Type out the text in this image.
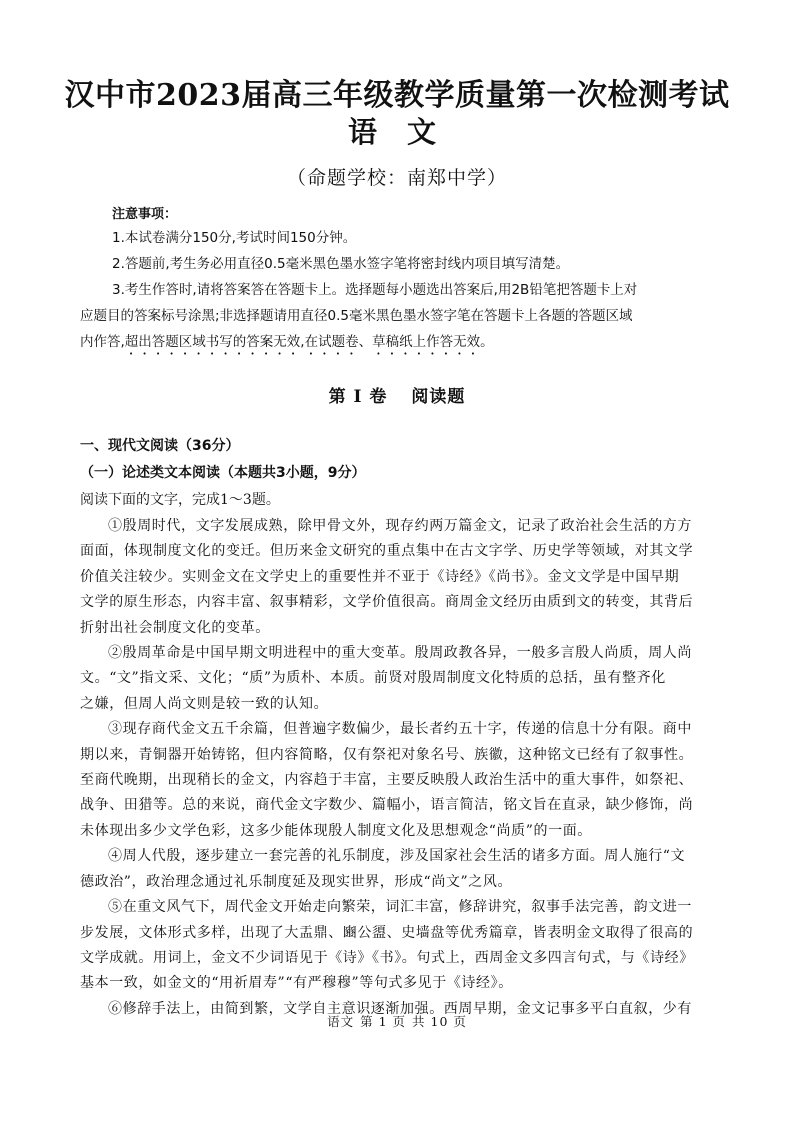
汉中市2023届高三年级教学质量第一次检测考试
语 文
（命题学校：南郑中学）
注意事项：
1.本试卷满分150分,考试时间150分钟。
2.答题前,考生务必用直径0.5毫米黑色墨水签字笔将密封线内项目填写清楚。
3.考生作答时,请将答案答在答题卡上。选择题每小题选出答案后,用2B铅笔把答题卡上对
应题目的答案标号涂黑;非选择题请用直径0.5毫米黑色墨水签字笔在答题卡上各题的答题区域
内作答,超出答题区域书写的答案无效,在试题卷、草稿纸上作答无效。
第 I 卷 阅读题
一、现代文阅读（36分）
（一）论述类文本阅读（本题共3小题，9分）
阅读下面的文字，完成1～3题。
①殷周时代，文字发展成熟，除甲骨文外，现存约两万篇金文，记录了政治社会生活的方方
面面，体现制度文化的变迁。但历来金文研究的重点集中在古文字学、历史学等领域，对其文学
价值关注较少。实则金文在文学史上的重要性并不亚于《诗经》《尚书》。金文文学是中国早期
文学的原生形态，内容丰富、叙事精彩，文学价值很高。商周金文经历由质到文的转变，其背后
折射出社会制度文化的变革。
②殷周革命是中国早期文明进程中的重大变革。殷周政教各异，一般多言殷人尚质，周人尚
文。“文”指文采、文化；“质”为质朴、本质。前贤对殷周制度文化特质的总括，虽有整齐化
之嫌，但周人尚文则是较一致的认知。
③现存商代金文五千余篇，但普遍字数偏少，最长者约五十字，传递的信息十分有限。商中
期以来，青铜器开始铸铭，但内容简略，仅有祭祀对象名号、族徽，这种铭文已经有了叙事性。
至商代晚期，出现稍长的金文，内容趋于丰富，主要反映殷人政治生活中的重大事件，如祭祀、
战争、田猎等。总的来说，商代金文字数少、篇幅小，语言简洁，铭文旨在直录，缺少修饰，尚
未体现出多少文学色彩，这多少能体现殷人制度文化及思想观念“尚质”的一面。
④周人代殷，逐步建立一套完善的礼乐制度，涉及国家社会生活的诸多方面。周人施行“文
德政治”，政治理念通过礼乐制度延及现实世界，形成“尚文”之风。
⑤在重文风气下，周代金文开始走向繁荣，词汇丰富，修辞讲究，叙事手法完善，韵文进一
步发展，文体形式多样，出现了大盂鼎、豳公盨、史墙盘等优秀篇章，皆表明金文取得了很高的
文学成就。用词上，金文不少词语见于《诗》《书》。句式上，西周金文多四言句式，与《诗经》
基本一致，如金文的“用祈眉寿”“有严穆穆”等句式多见于《诗经》。
⑥修辞手法上，由简到繁，文学自主意识逐渐加强。西周早期，金文记事多平白直叙，少有
语文 第 1 页 共 10 页
